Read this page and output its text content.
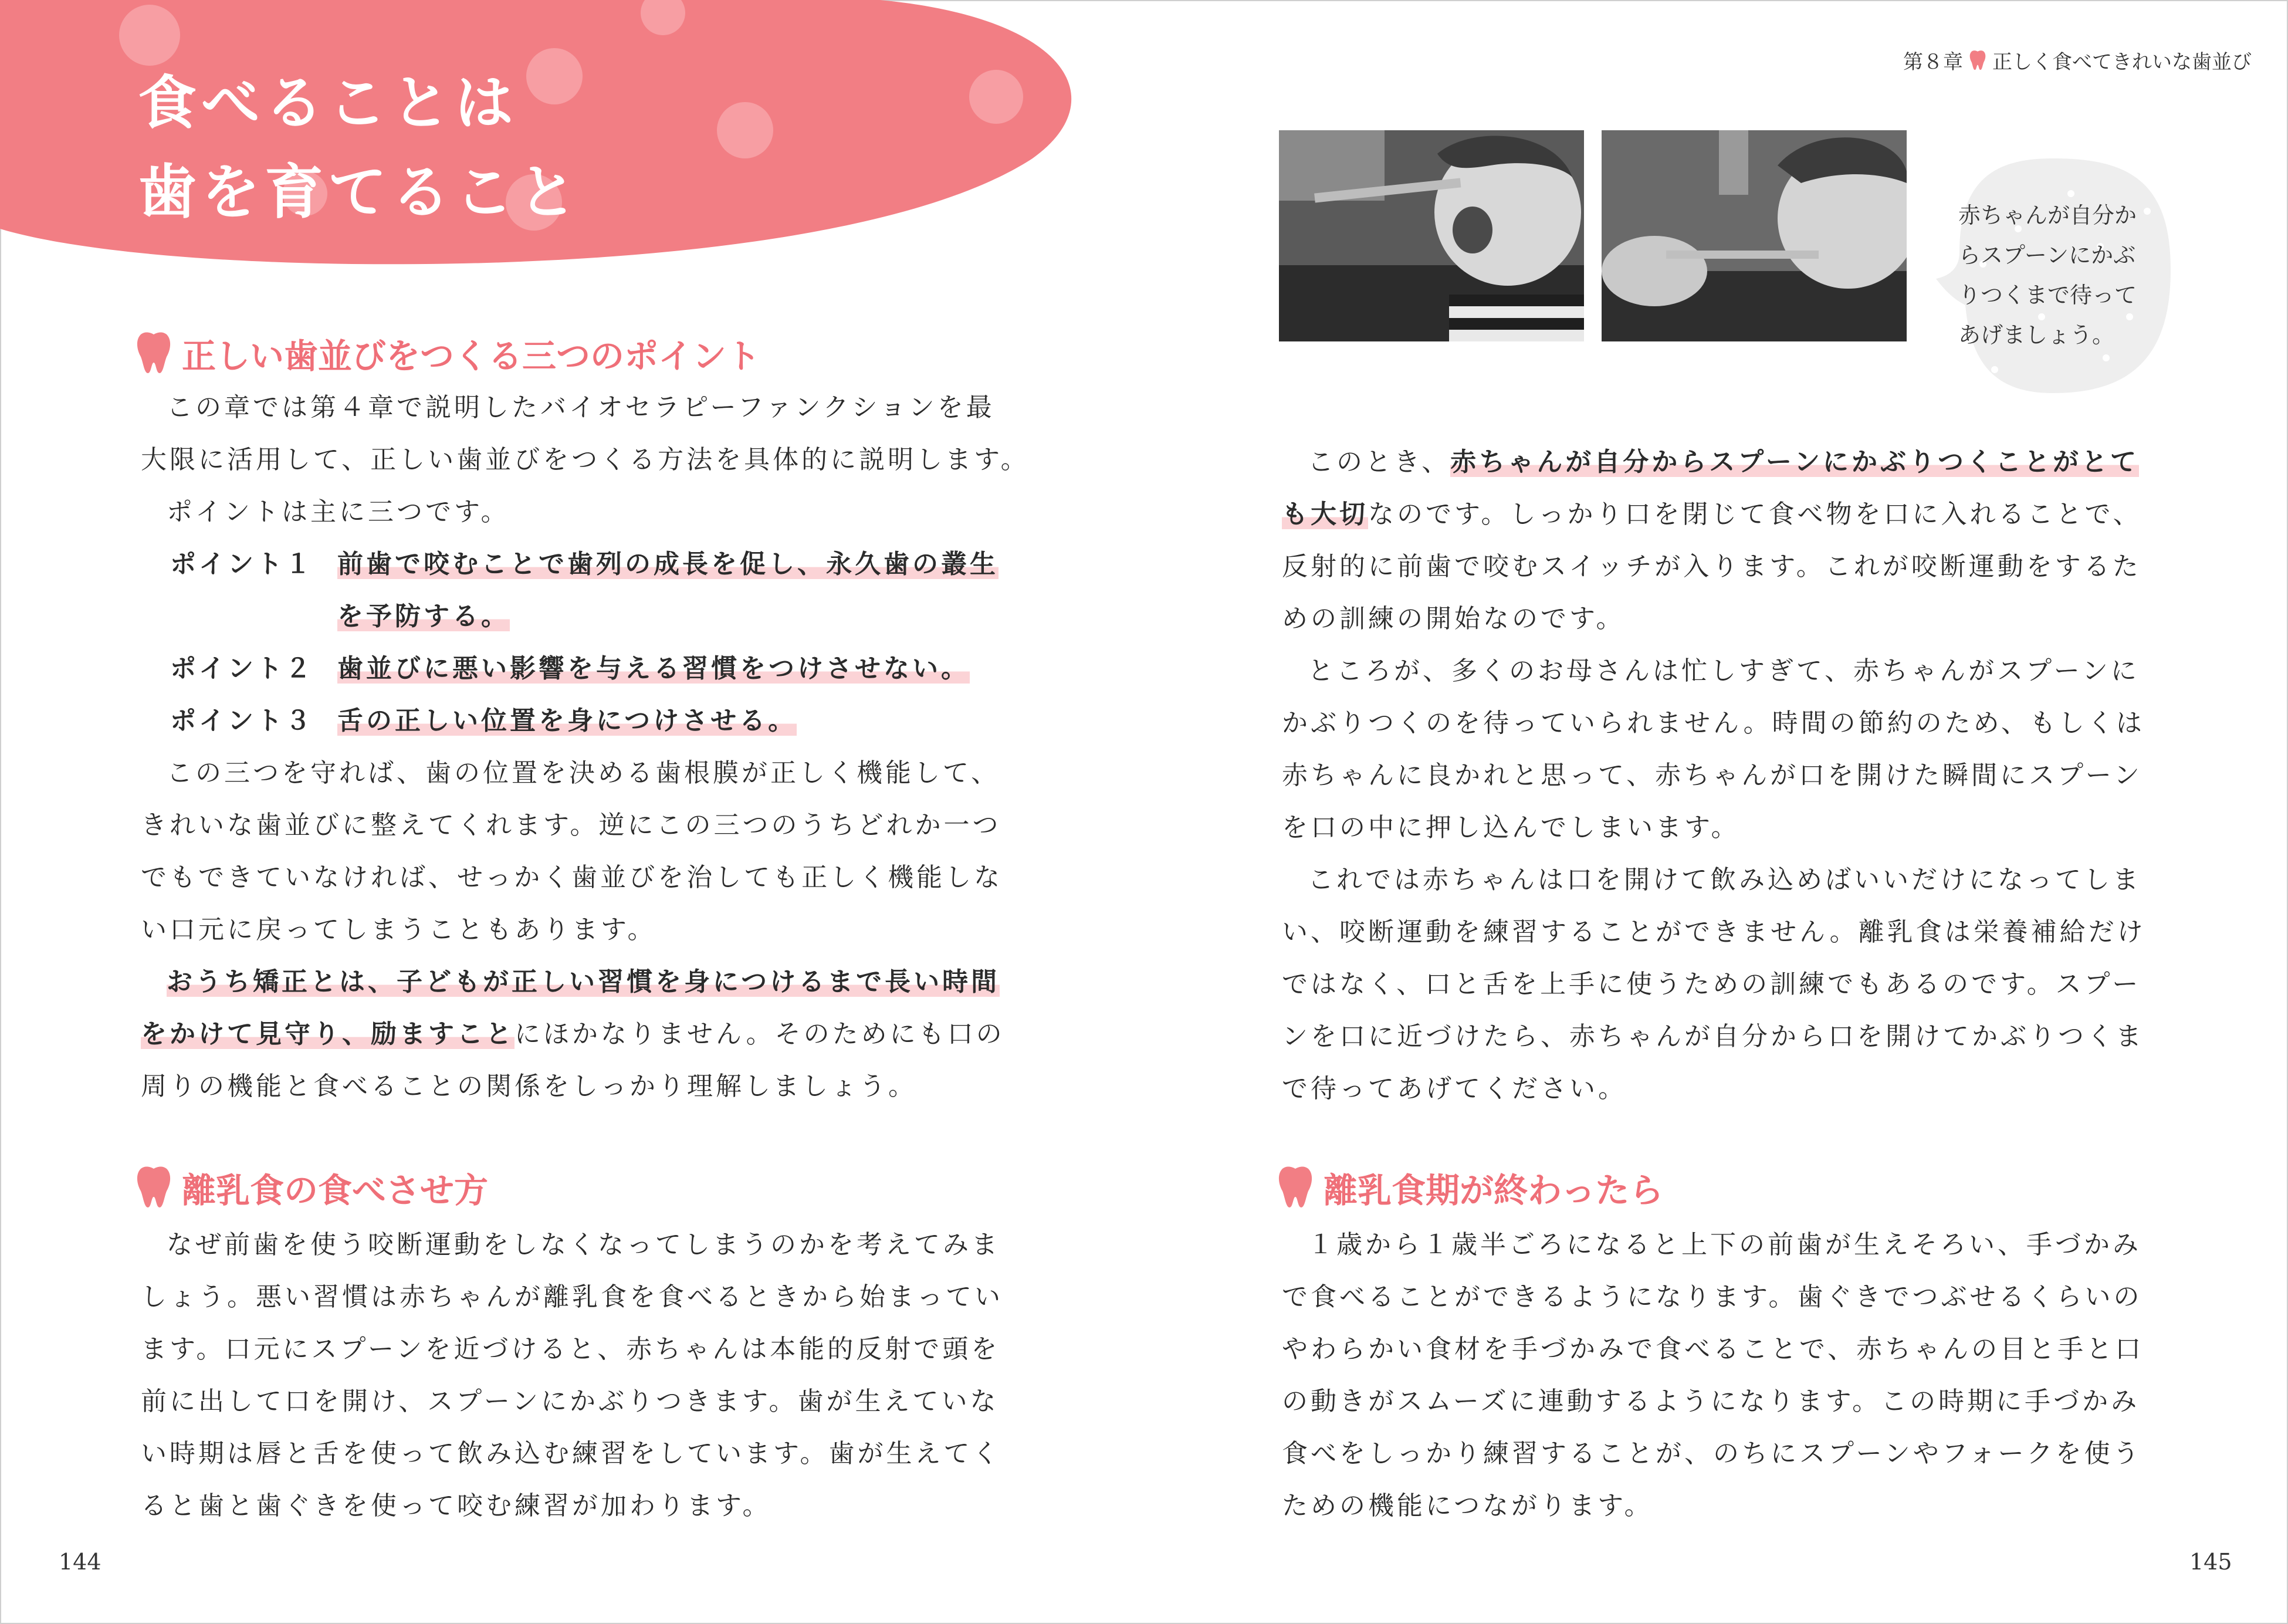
食べることは
歯を育てること
第８章 正しく食べてきれいな歯並び
正しい歯並びをつくる三つのポイント

この章では第４章で説明したバイオセラピーファンクションを最

大限に活用して、正しい歯並びをつくる方法を具体的に説明します。

ポイントは主に三つです。

ポイント１ 前歯で咬むことで歯列の成長を促し、永久歯の叢生
を予防する。
ポイント２ 歯並びに悪い影響を与える習慣をつけさせない。
ポイント３ 舌の正しい位置を身につけさせる。

この三つを守れば、歯の位置を決める歯根膜が正しく機能して、

きれいな歯並びに整えてくれます。逆にこの三つのうちどれか一つ

でもできていなければ、せっかく歯並びを治しても正しく機能しな

い口元に戻ってしまうこともあります。

おうち矯正とは、子どもが正しい習慣を身につけるまで長い時間

をかけて見守り、励ますことにほかなりません。そのためにも口の

周りの機能と食べることの関係をしっかり理解しましょう。

離乳食の食べさせ方

なぜ前歯を使う咬断運動をしなくなってしまうのかを考えてみま

しょう。悪い習慣は赤ちゃんが離乳食を食べるときから始まってい

ます。口元にスプーンを近づけると、赤ちゃんは本能的反射で頭を

前に出して口を開け、スプーンにかぶりつきます。歯が生えていな

い時期は唇と舌を使って飲み込む練習をしています。歯が生えてく

ると歯と歯ぐきを使って咬む練習が加わります。

144
赤ちゃんが自分か
らスプーンにかぶ
りつくまで待って
あげましょう。

このとき、赤ちゃんが自分からスプーンにかぶりつくことがとて

も大切なのです。しっかり口を閉じて食べ物を口に入れることで、

反射的に前歯で咬むスイッチが入ります。これが咬断運動をするた

めの訓練の開始なのです。

ところが、多くのお母さんは忙しすぎて、赤ちゃんがスプーンに

かぶりつくのを待っていられません。時間の節約のため、もしくは

赤ちゃんに良かれと思って、赤ちゃんが口を開けた瞬間にスプーン

を口の中に押し込んでしまいます。

これでは赤ちゃんは口を開けて飲み込めばいいだけになってしま

い、咬断運動を練習することができません。離乳食は栄養補給だけ

ではなく、口と舌を上手に使うための訓練でもあるのです。スプー

ンを口に近づけたら、赤ちゃんが自分から口を開けてかぶりつくま

で待ってあげてください。

離乳食期が終わったら

１歳から１歳半ごろになると上下の前歯が生えそろい、手づかみ

で食べることができるようになります。歯ぐきでつぶせるくらいの

やわらかい食材を手づかみで食べることで、赤ちゃんの目と手と口

の動きがスムーズに連動するようになります。この時期に手づかみ

食べをしっかり練習することが、のちにスプーンやフォークを使う

ための機能につながります。

145
